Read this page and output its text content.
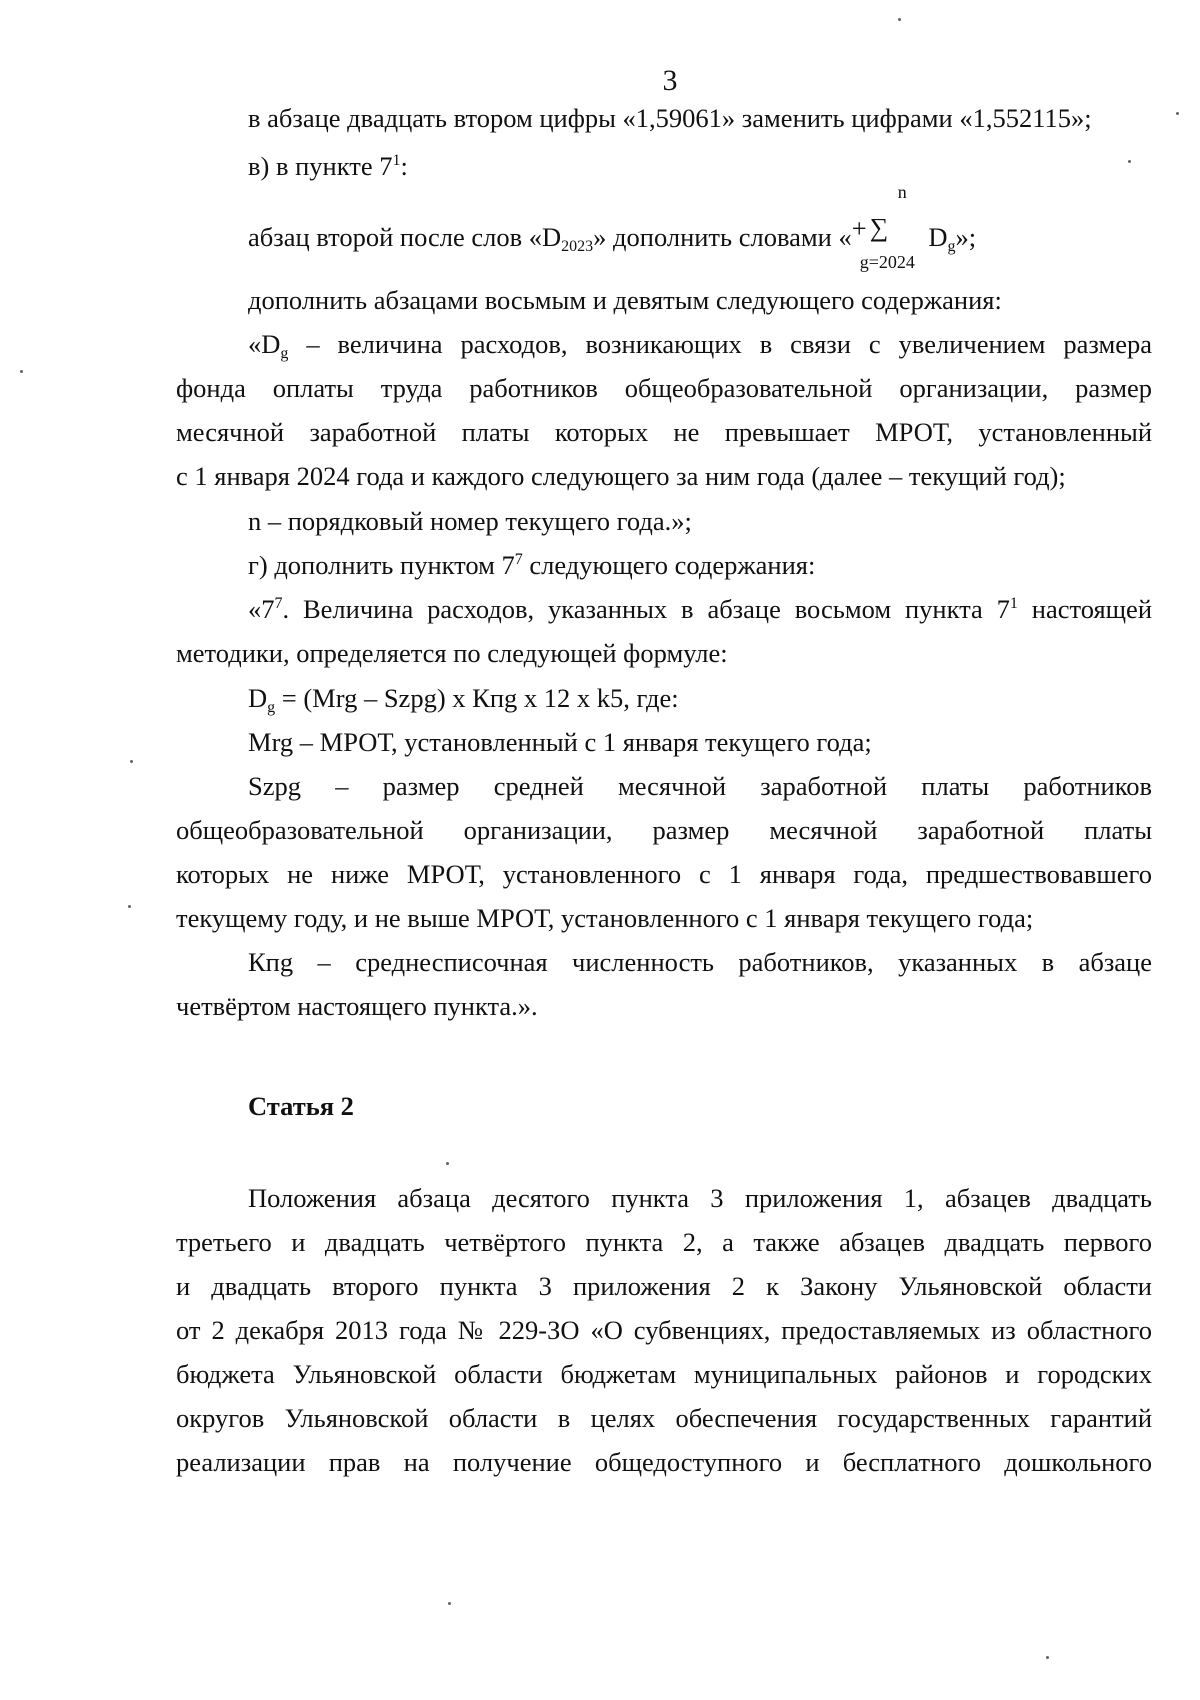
3
в абзаце двадцать втором цифры «1,59061» заменить цифрами «1,552115»;
в) в пункте $7^1$:
абзац второй после слов «$D_{2023}$» дополнить словами « +
n
∑
g=2024
$D_g$»;
дополнить абзацами восьмым и девятым следующего содержания:
«$D_g$ – величина расходов, возникающих в связи с увеличением размера
фонда оплаты труда работников общеобразовательной организации, размер
месячной заработной платы которых не превышает МРОТ, установленный
с 1 января 2024 года и каждого следующего за ним года (далее – текущий год);
n – порядковый номер текущего года.»;
г) дополнить пунктом $7^7$ следующего содержания:
«$7^7$. Величина расходов, указанных в абзаце восьмом пункта $7^1$ настоящей
методики, определяется по следующей формуле:
$D_g = (Mrg$ – Szpg) x Кпg x 12 x k5, где:
Mrg – МРОТ, установленный с 1 января текущего года;
Szpg – размер средней месячной заработной платы работников
общеобразовательной организации, размер месячной заработной платы
которых не ниже МРОТ, установленного с 1 января года, предшествовавшего
текущему году, и не выше МРОТ, установленного с 1 января текущего года;
Кпg – среднесписочная численность работников, указанных в абзаце
четвёртом настоящего пункта.».
Статья 2
Положения абзаца десятого пункта 3 приложения 1, абзацев двадцать
третьего и двадцать четвёртого пункта 2, а также абзацев двадцать первого
и двадцать второго пункта 3 приложения 2 к Закону Ульяновской области
от 2 декабря 2013 года № 229-ЗО «О субвенциях, предоставляемых из областного
бюджета Ульяновской области бюджетам муниципальных районов и городских
округов Ульяновской области в целях обеспечения государственных гарантий
реализации прав на получение общедоступного и бесплатного дошкольного
